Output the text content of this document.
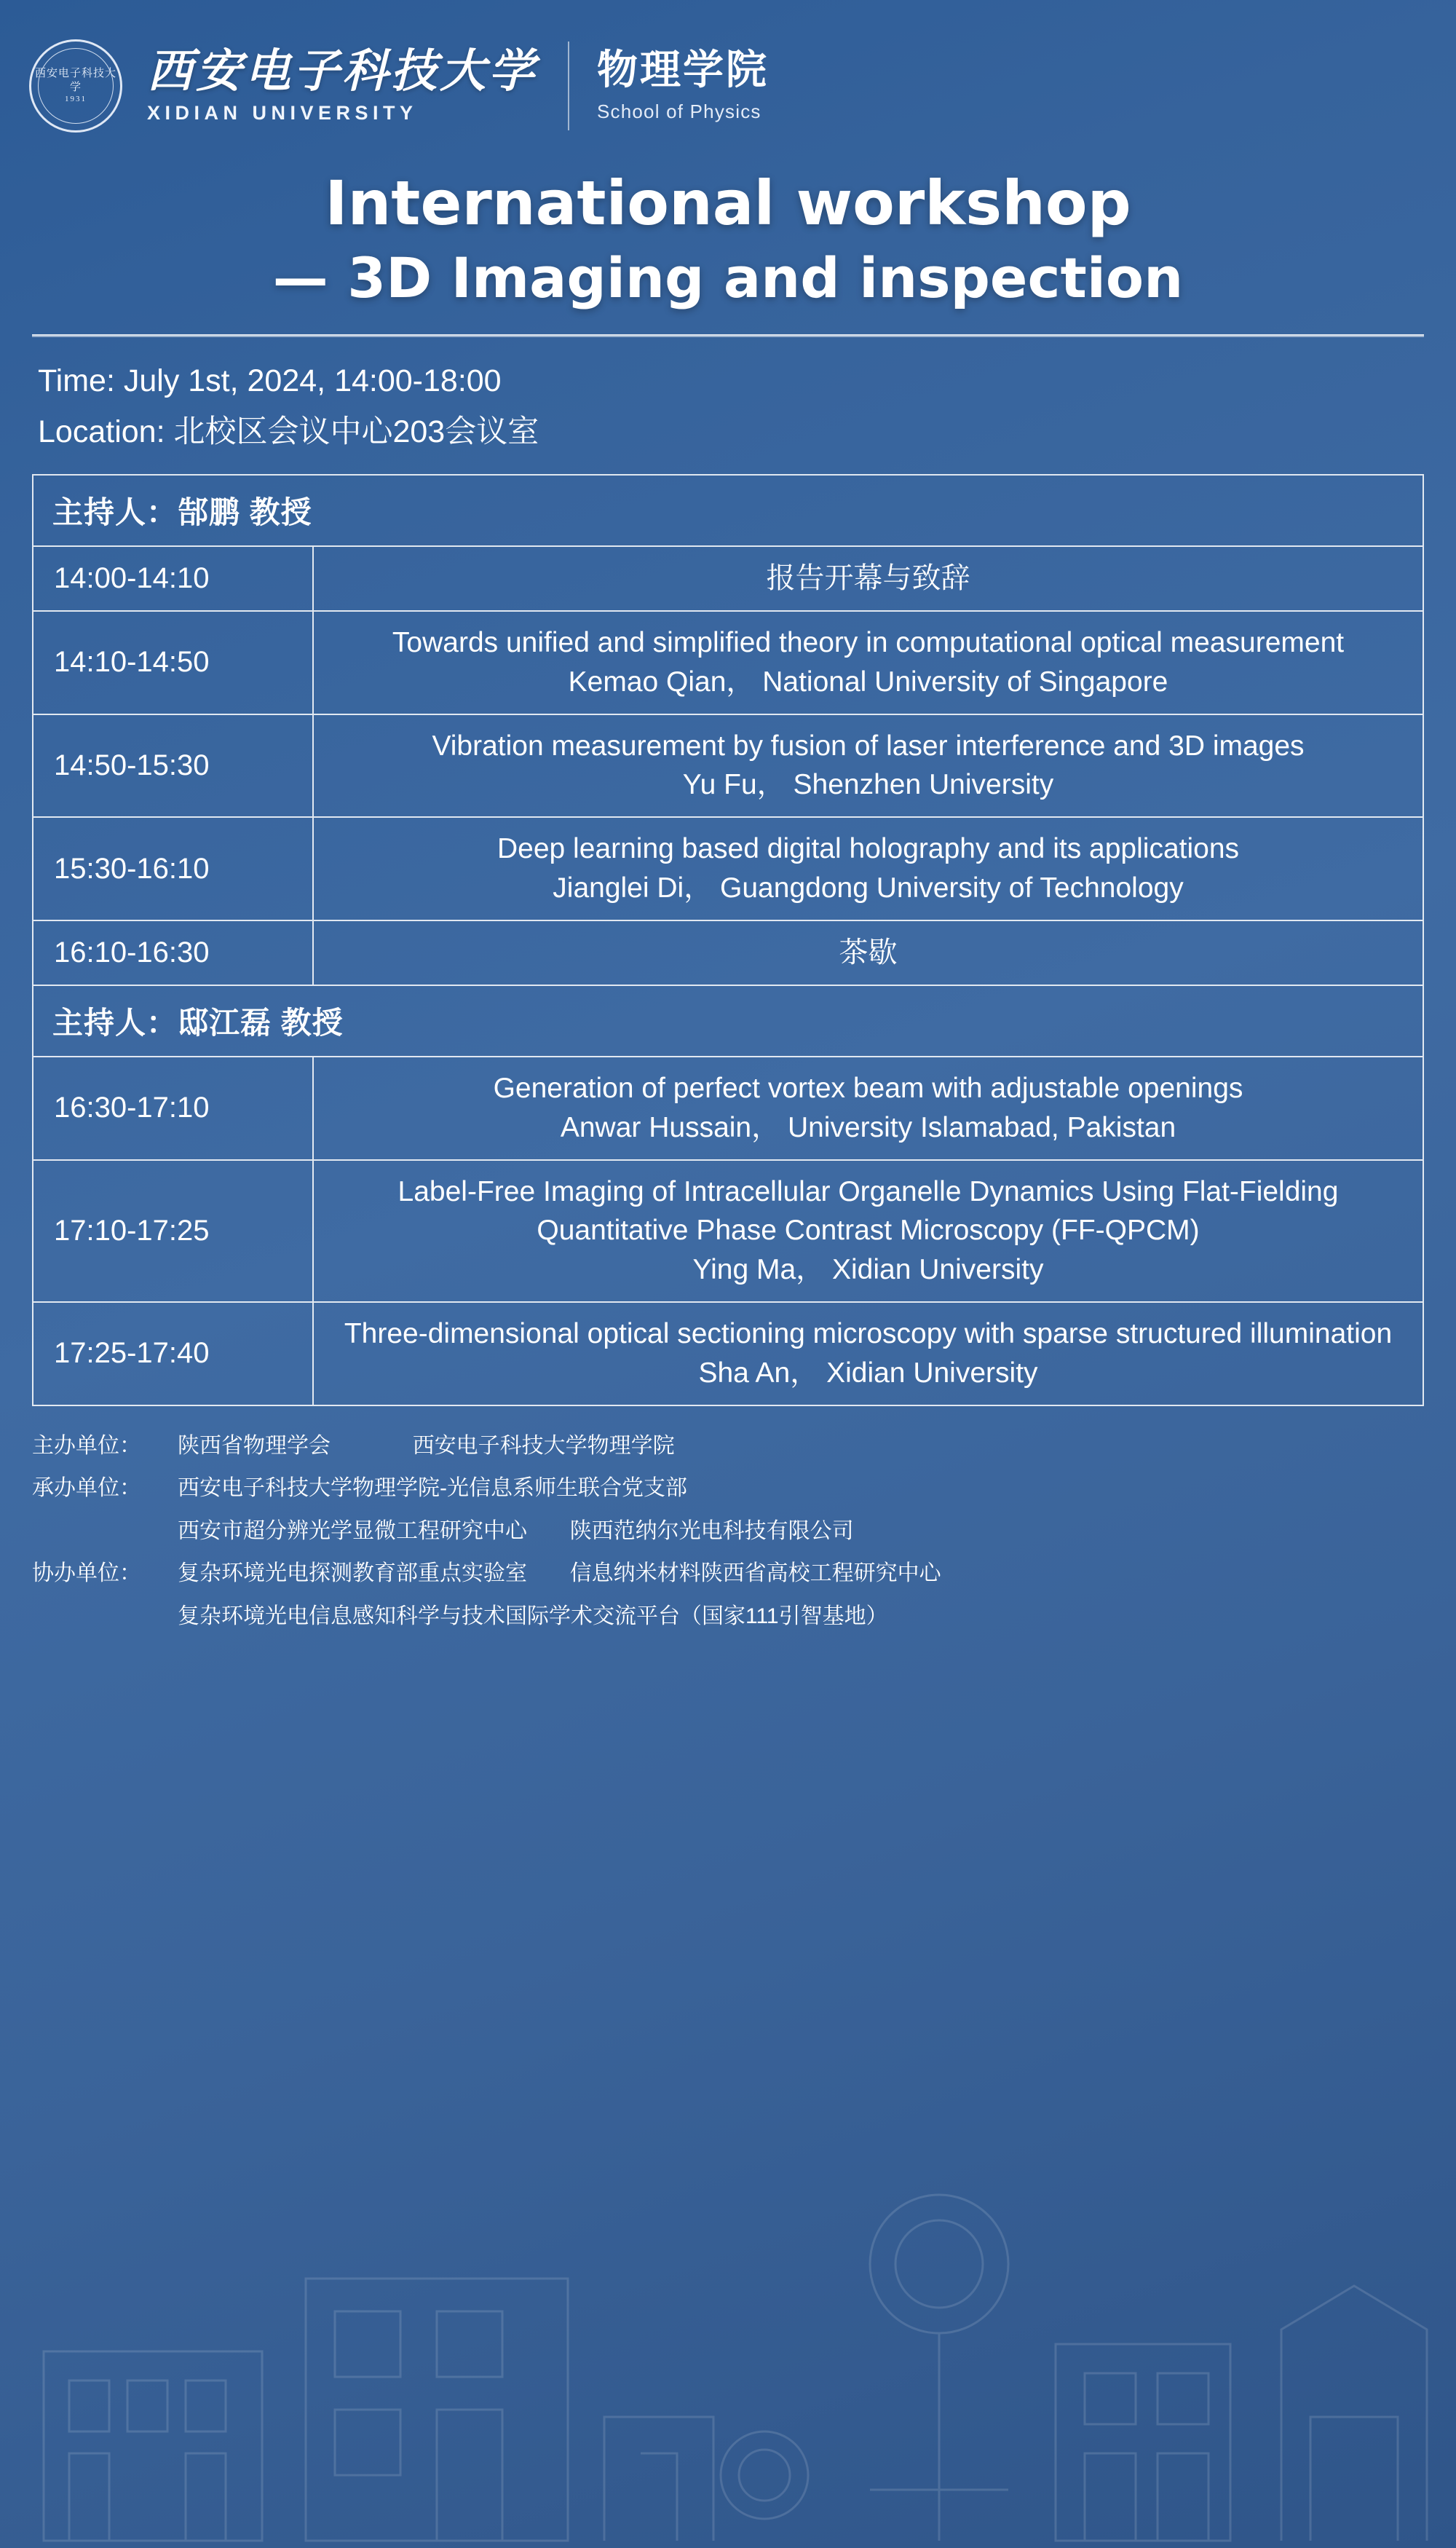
西安电子科技大学
1931
西安电子科技大学
XIDIAN UNIVERSITY
物理学院
School of Physics
International workshop
— 3D Imaging and inspection
Time: July 1st, 2024, 14:00-18:00
Location: 北校区会议中心203会议室
主持人：郜鹏 教授
14:00-14:10	报告开幕与致辞
14:10-14:50
Towards unified and simplified theory in computational optical measurement
Kemao Qian， National University of Singapore
14:50-15:30
Vibration measurement by fusion of laser interference and 3D images
Yu Fu， Shenzhen University
15:30-16:10
Deep learning based digital holography and its applications
Jianglei Di， Guangdong University of Technology
16:10-16:30	茶歇
主持人：邸江磊 教授
16:30-17:10
Generation of perfect vortex beam with adjustable openings
Anwar Hussain， University Islamabad, Pakistan
17:10-17:25
Label-Free Imaging of Intracellular Organelle Dynamics Using Flat-Fielding Quantitative Phase Contrast Microscopy (FF-QPCM)
Ying Ma， Xidian University
17:25-17:40
Three-dimensional optical sectioning microscopy with sparse structured illumination
Sha An， Xidian University
主办单位：	陕西省物理学会	西安电子科技大学物理学院
承办单位：	西安电子科技大学物理学院-光信息系师生联合党支部
西安市超分辨光学显微工程研究中心 陕西范纳尔光电科技有限公司
协办单位：	复杂环境光电探测教育部重点实验室 信息纳米材料陕西省高校工程研究中心
复杂环境光电信息感知科学与技术国际学术交流平台（国家111引智基地）
